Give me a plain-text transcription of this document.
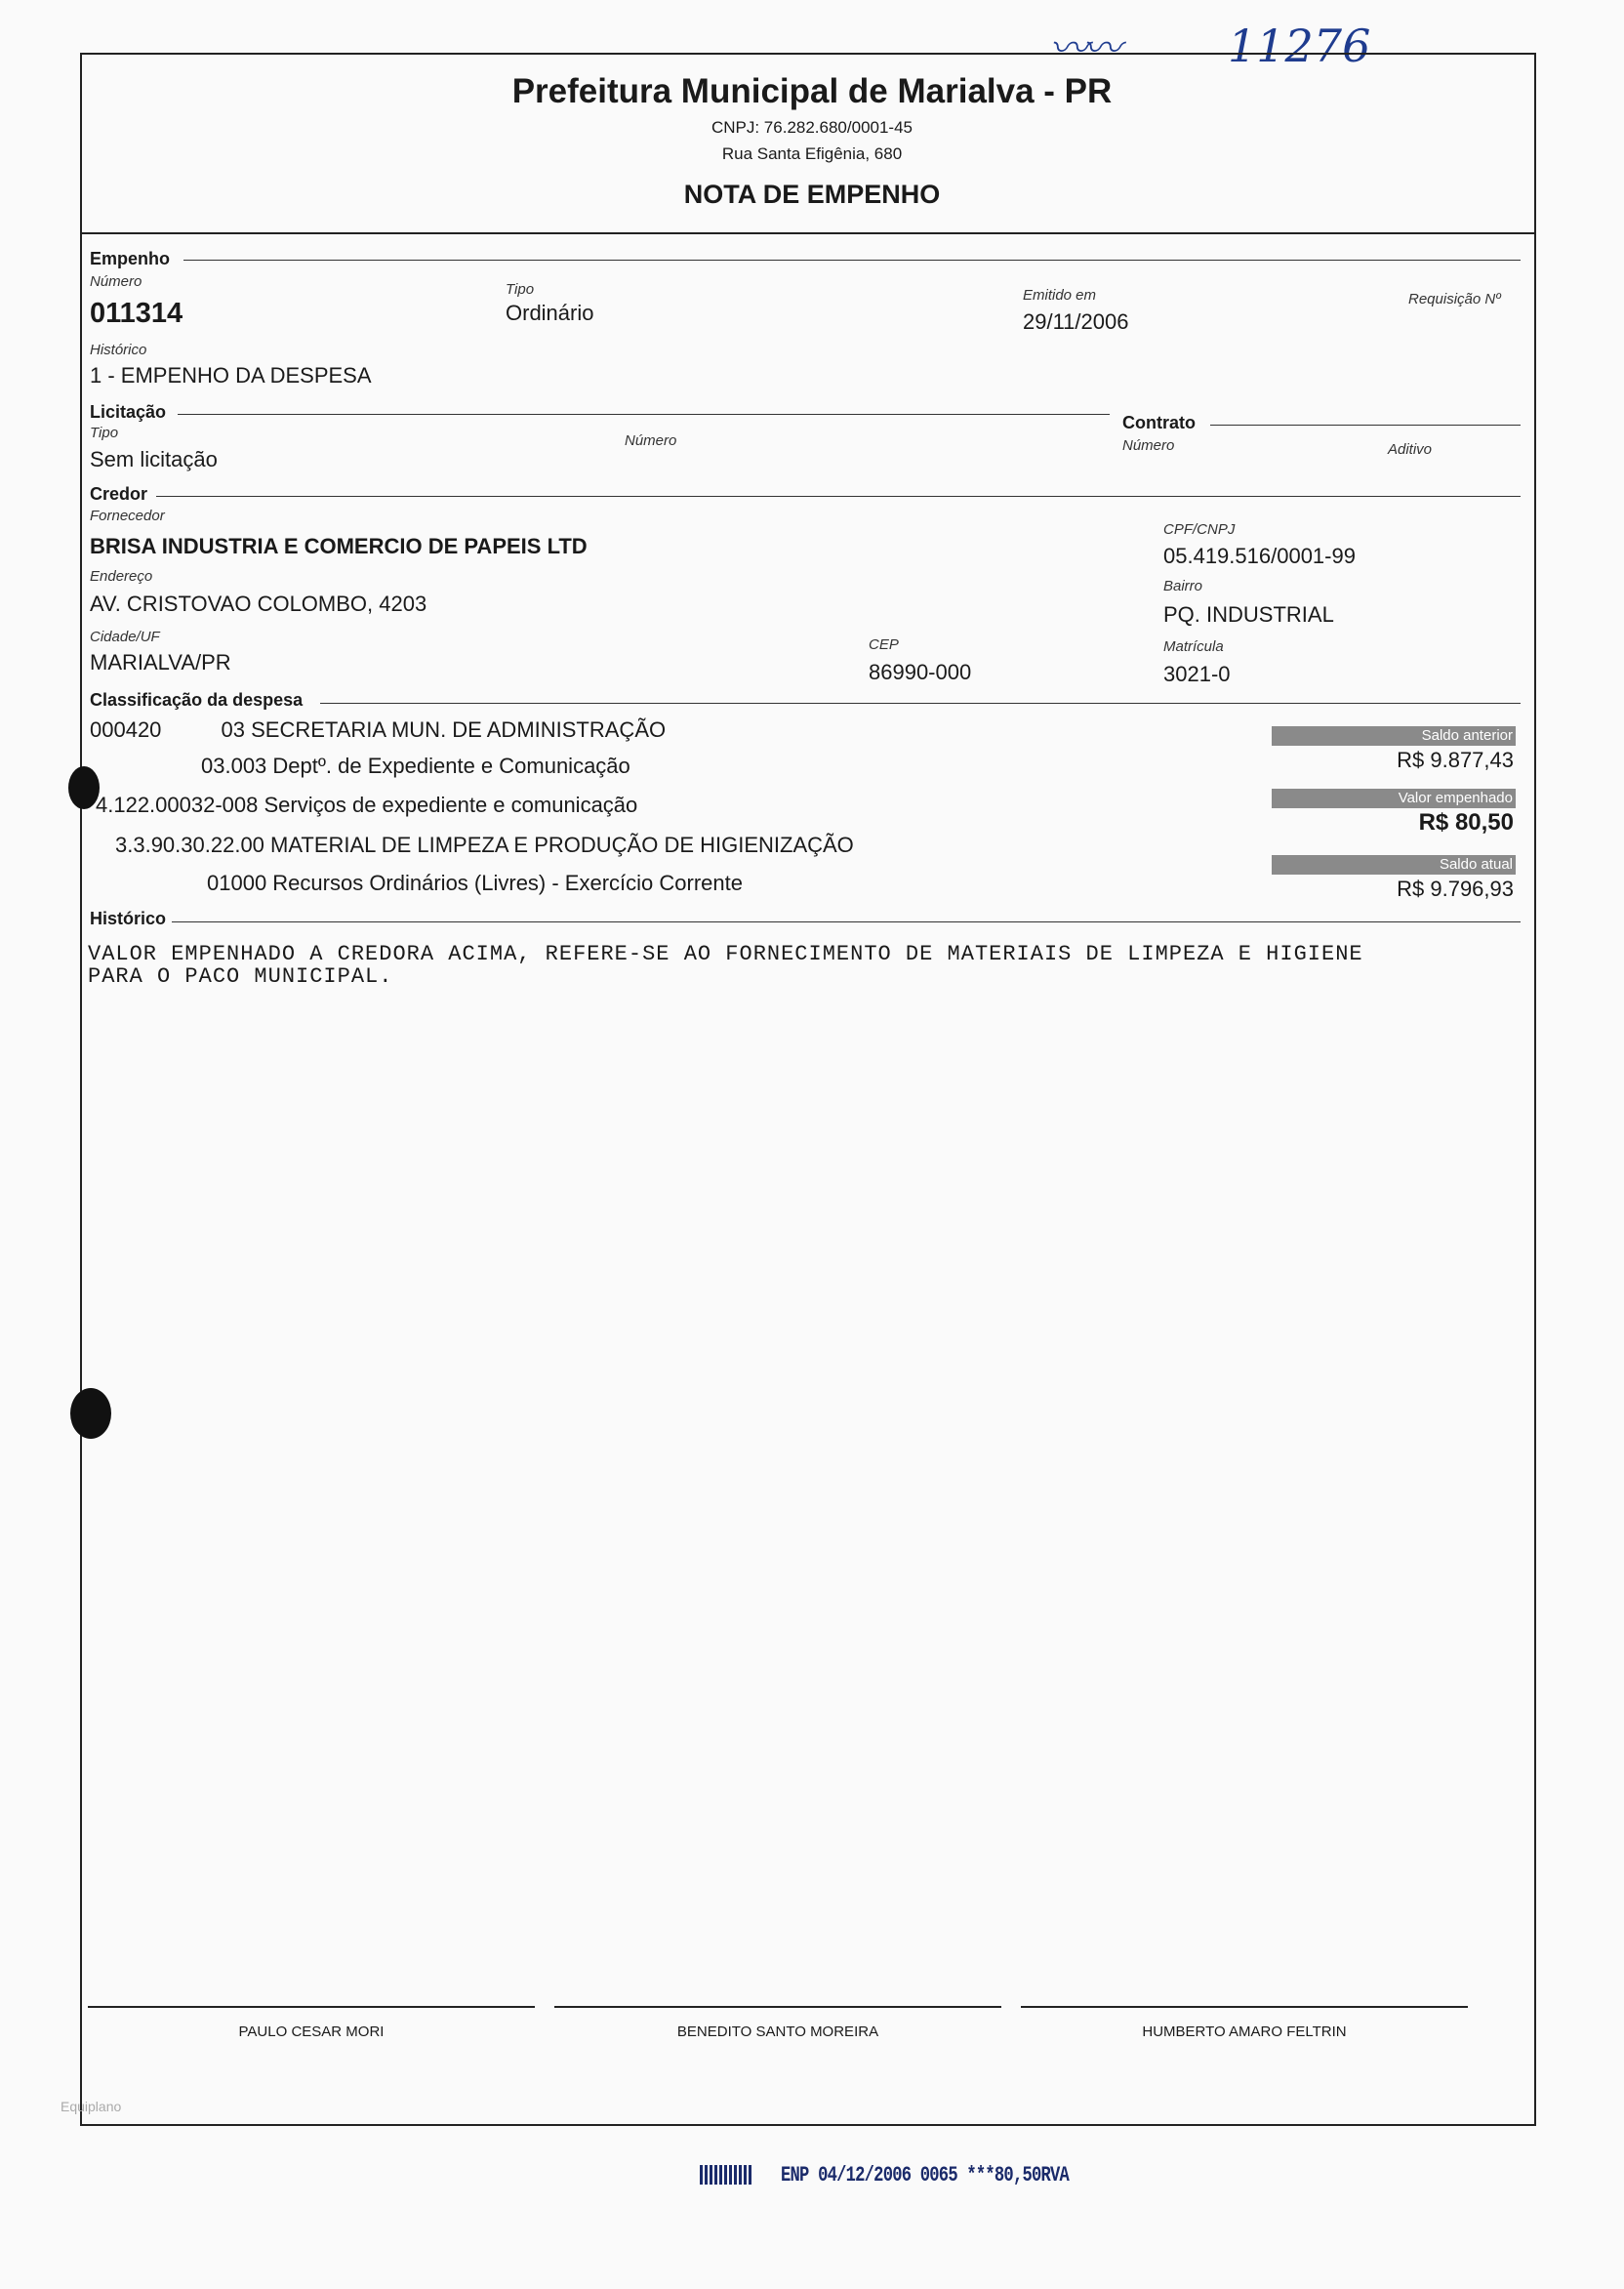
〰〰	11276
Prefeitura Municipal de Marialva - PR
CNPJ: 76.282.680/0001-45
Rua Santa Efigênia, 680
NOTA DE EMPENHO
Empenho
Número
011314
Tipo
Ordinário
Emitido em
29/11/2006
Requisição Nº
Histórico
1 - EMPENHO DA DESPESA
Licitação
Tipo
Sem licitação
Número
Contrato
Número	Aditivo
Credor
Fornecedor
BRISA INDUSTRIA E COMERCIO DE PAPEIS LTD
CPF/CNPJ
05.419.516/0001-99
Endereço
AV. CRISTOVAO COLOMBO, 4203
Bairro
PQ. INDUSTRIAL
Cidade/UF
MARIALVA/PR
CEP
86990-000
Matrícula
3021-0
Classificação da despesa
000420          03 SECRETARIA MUN. DE ADMINISTRAÇÃO
03.003 Deptº. de Expediente e Comunicação
4.122.00032-008 Serviços de expediente e comunicação
3.3.90.30.22.00 MATERIAL DE LIMPEZA E PRODUÇÃO DE HIGIENIZAÇÃO
01000 Recursos Ordinários (Livres) - Exercício Corrente
Saldo anterior
R$ 9.877,43
Valor empenhado
R$ 80,50
Saldo atual
R$ 9.796,93
Histórico
VALOR EMPENHADO A CREDORA ACIMA, REFERE-SE AO FORNECIMENTO DE MATERIAIS DE LIMPEZA E HIGIENE
PARA O PACO MUNICIPAL.
PAULO CESAR MORI	BENEDITO SANTO MOREIRA	HUMBERTO AMARO FELTRIN
Equiplano
ENP 04/12/2006 0065 ***80,50RVA
